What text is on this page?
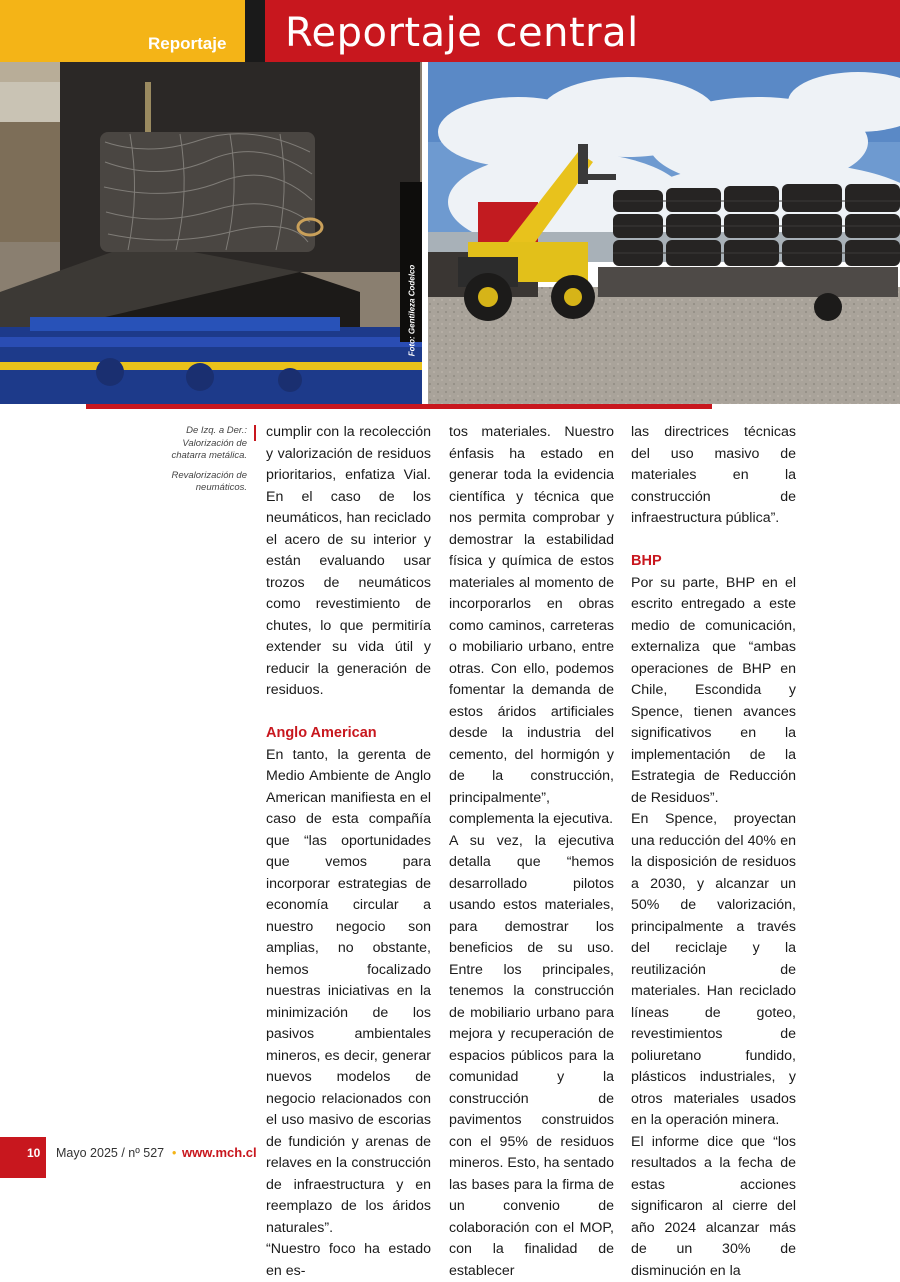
Reportaje Reportaje central
Foto: Gentileza Codelco
De Izq. a Der.:
Valorización de chatarra metálica.
Revalorización de neumáticos.

cumplir con la recolección y valorización de residuos prioritarios, enfatiza Vial. En el caso de los neumáticos, han reciclado el acero de su interior y están evaluando usar trozos de neumáticos como revestimiento de chutes, lo que permitiría extender su vida útil y reducir la generación de residuos.

Anglo American

En tanto, la gerenta de Medio Ambiente de Anglo American manifiesta en el caso de esta compañía que “las oportunidades que vemos para incorporar estrategias de economía circular a nuestro negocio son amplias, no obstante, hemos focalizado nuestras iniciativas en la minimización de los pasivos ambientales mineros, es decir, generar nuevos modelos de negocio relacionados con el uso masivo de escorias de fundición y arenas de relaves en la construcción de infraestructura y en reemplazo de los áridos naturales”.

“Nuestro foco ha estado en es-

tos materiales. Nuestro énfasis ha estado en generar toda la evidencia científica y técnica que nos permita comprobar y demostrar la estabilidad física y química de estos materiales al momento de incorporarlos en obras como caminos, carreteras o mobiliario urbano, entre otras. Con ello, podemos fomentar la demanda de estos áridos artificiales desde la industria del cemento, del hormigón y de la construcción, principalmente”, complementa la ejecutiva.

A su vez, la ejecutiva detalla que “hemos desarrollado pilotos usando estos materiales, para demostrar los beneficios de su uso. Entre los principales, tenemos la construcción de mobiliario urbano para mejora y recuperación de espacios públicos para la comunidad y la construcción de pavimentos construidos con el 95% de residuos mineros. Esto, ha sentado las bases para la firma de un convenio de colaboración con el MOP, con la finalidad de establecer

las directrices técnicas del uso masivo de materiales en la construcción de infraestructura pública”.

BHP

Por su parte, BHP en el escrito entregado a este medio de comunicación, externaliza que “ambas operaciones de BHP en Chile, Escondida y Spence, tienen avances significativos en la implementación de la Estrategia de Reducción de Residuos”.

En Spence, proyectan una reducción del 40% en la disposición de residuos a 2030, y alcanzar un 50% de valorización, principalmente a través del reciclaje y la reutilización de materiales. Han reciclado líneas de goteo, revestimientos de poliuretano fundido, plásticos industriales, y otros materiales usados en la operación minera.

El informe dice que “los resultados a la fecha de estas acciones significaron al cierre del año 2024 alcanzar más de un 30% de disminución en la

10 Mayo 2025 / nº 527 • www.mch.cl
